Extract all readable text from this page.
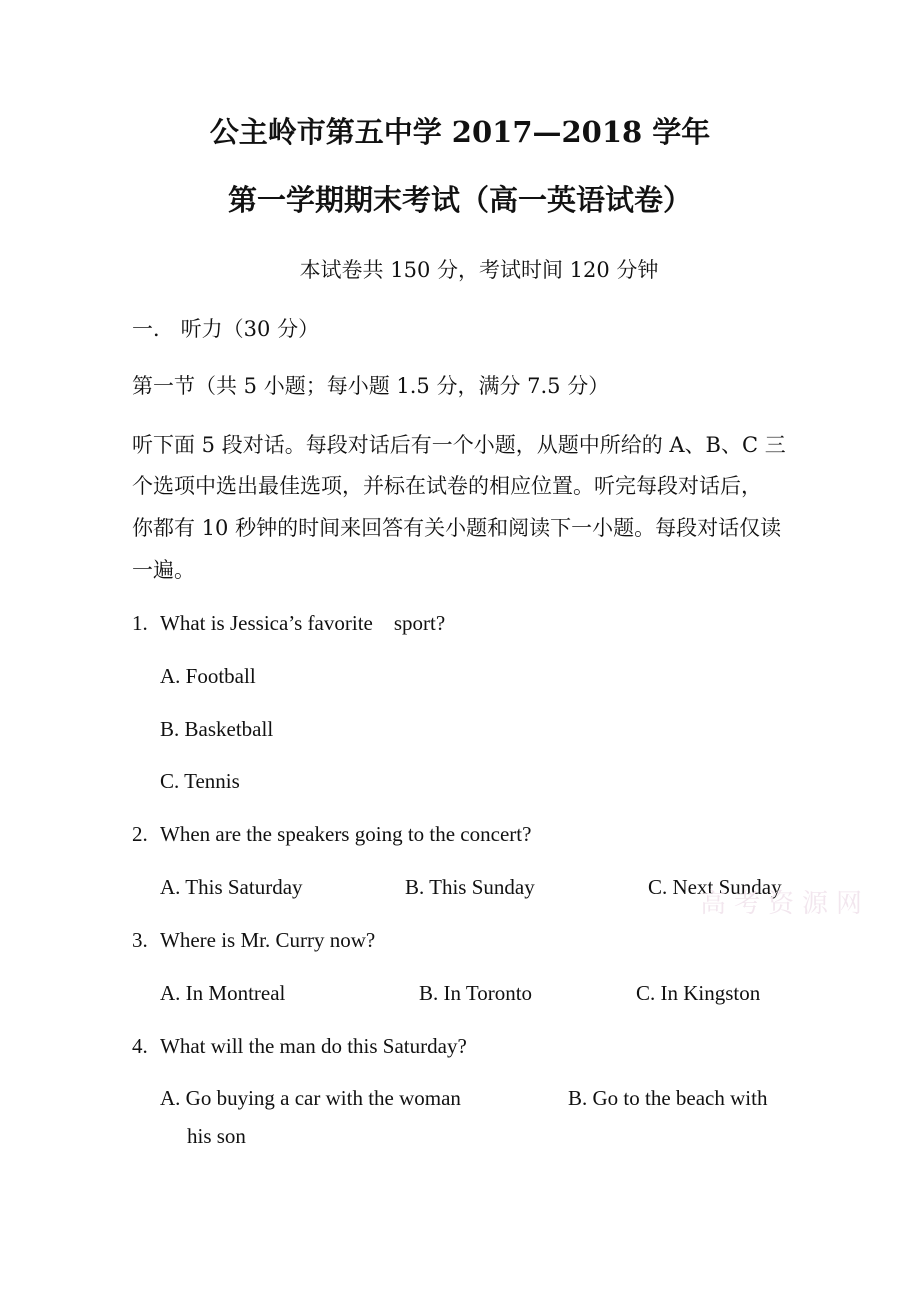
公主岭市第五中学 2017—2018 学年
第一学期期末考试（高一英语试卷）
本试卷共 150 分，考试时间 120 分钟
一． 听力（30 分）
第一节（共 5 小题；每小题 1.5 分，满分 7.5 分）
听下面 5 段对话。每段对话后有一个小题，从题中所给的 A、B、C 三
个选项中选出最佳选项，并标在试卷的相应位置。听完每段对话后，
你都有 10 秒钟的时间来回答有关小题和阅读下一小题。每段对话仅读
一遍。
1. What is Jessica’s favorite    sport?
A. Football
B. Basketball
C. Tennis
2. When are the speakers going to the concert?
A. This Saturday	B. This Sunday	C. Next Sunday
高考资源网
3. Where is Mr. Curry now?
A. In Montreal	B. In Toronto	C. In Kingston
4. What will the man do this Saturday?
A. Go buying a car with the woman	B. Go to the beach with
his son
